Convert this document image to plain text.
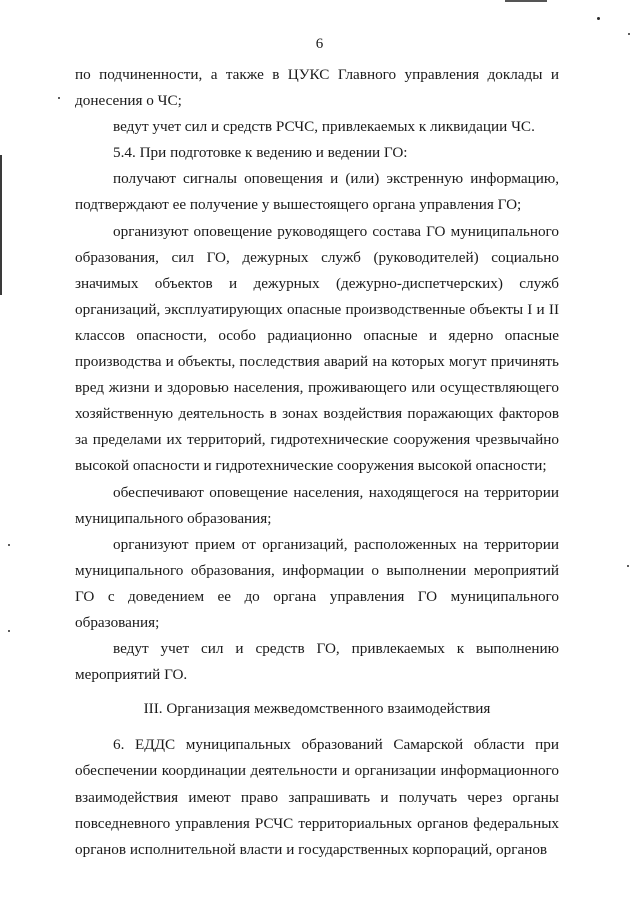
6

по подчиненности, а также в ЦУКС Главного управления доклады и донесения о ЧС;

ведут учет сил и средств РСЧС, привлекаемых к ликвидации ЧС.

5.4. При подготовке к ведению и ведении ГО:

получают сигналы оповещения и (или) экстренную информацию, подтверждают ее получение у вышестоящего органа управления ГО;

организуют оповещение руководящего состава ГО муниципального образования, сил ГО, дежурных служб (руководителей) социально значимых объектов и дежурных (дежурно-диспетчерских) служб организаций, эксплуатирующих опасные производственные объекты I и II классов опасности, особо радиационно опасные и ядерно опасные производства и объекты, последствия аварий на которых могут причинять вред жизни и здоровью населения, проживающего или осуществляющего хозяйственную деятельность в зонах воздействия поражающих факторов за пределами их территорий, гидротехнические сооружения чрезвычайно высокой опасности и гидротехнические сооружения высокой опасности;

обеспечивают оповещение населения, находящегося на территории муниципального образования;

организуют прием от организаций, расположенных на территории муниципального образования, информации о выполнении мероприятий ГО с доведением ее до органа управления ГО муниципального образования;

ведут учет сил и средств ГО, привлекаемых к выполнению мероприятий ГО.

III. Организация межведомственного взаимодействия

6. ЕДДС муниципальных образований Самарской области при обеспечении координации деятельности и организации информационного взаимодействия имеют право запрашивать и получать через органы повседневного управления РСЧС территориальных органов федеральных органов исполнительной власти и государственных корпораций, органов
